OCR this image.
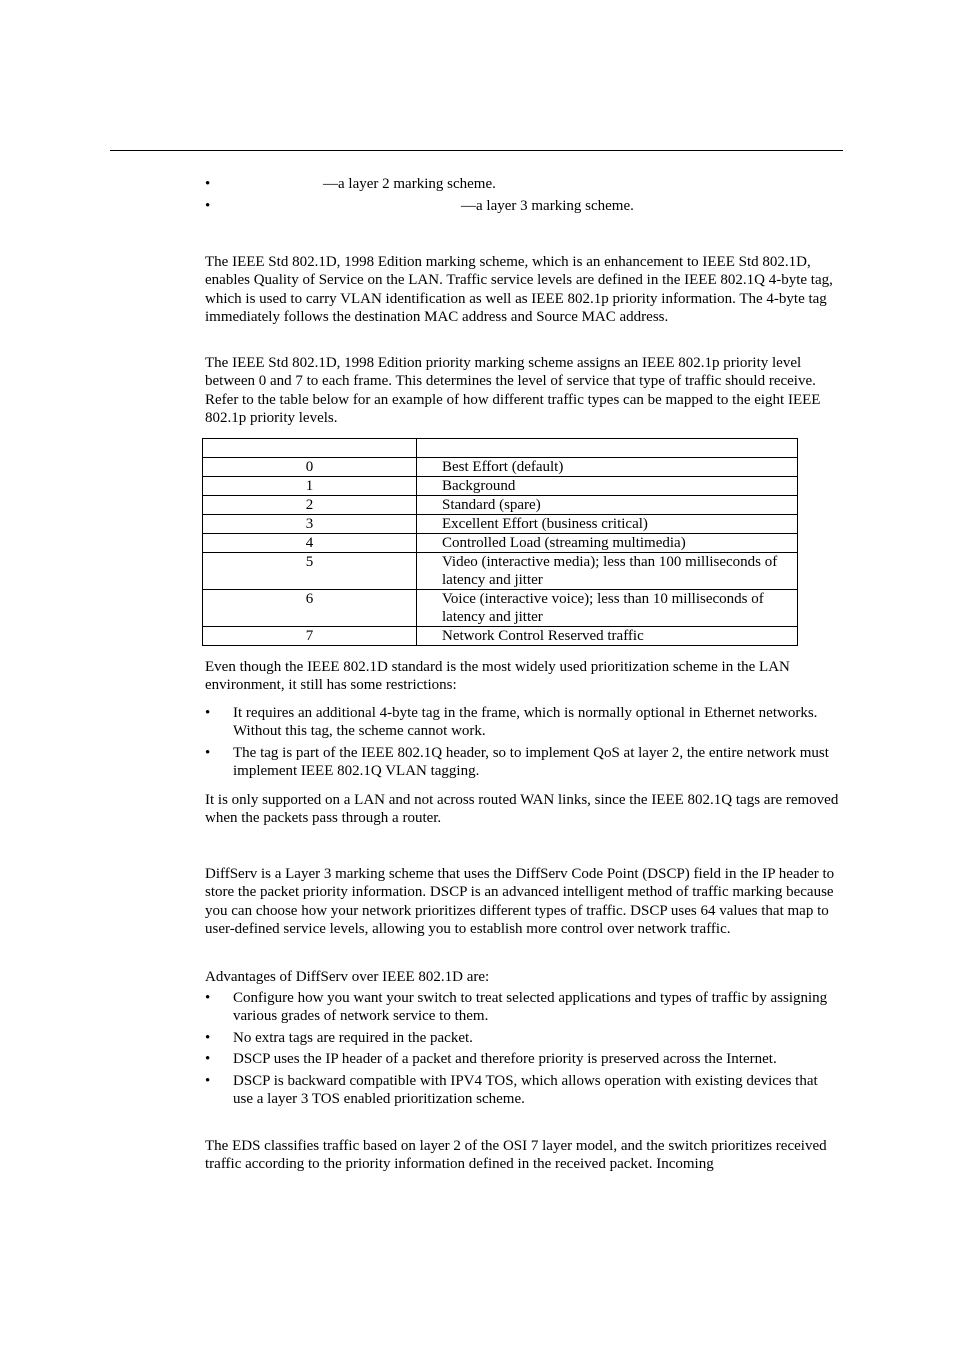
•	—a layer 2 marking scheme.
•	—a layer 3 marking scheme.

The IEEE Std 802.1D, 1998 Edition marking scheme, which is an enhancement to IEEE Std 802.1D, enables Quality of Service on the LAN. Traffic service levels are defined in the IEEE 802.1Q 4-byte tag, which is used to carry VLAN identification as well as IEEE 802.1p priority information. The 4-byte tag immediately follows the destination MAC address and Source MAC address.

The IEEE Std 802.1D, 1998 Edition priority marking scheme assigns an IEEE 802.1p priority level between 0 and 7 to each frame. This determines the level of service that type of traffic should receive. Refer to the table below for an example of how different traffic types can be mapped to the eight IEEE 802.1p priority levels.

0	Best Effort (default)
1	Background
2	Standard (spare)
3	Excellent Effort (business critical)
4	Controlled Load (streaming multimedia)
5	Video (interactive media); less than 100 milliseconds of latency and jitter
6	Voice (interactive voice); less than 10 milliseconds of latency and jitter
7	Network Control Reserved traffic

Even though the IEEE 802.1D standard is the most widely used prioritization scheme in the LAN environment, it still has some restrictions:

• It requires an additional 4-byte tag in the frame, which is normally optional in Ethernet networks. Without this tag, the scheme cannot work.
• The tag is part of the IEEE 802.1Q header, so to implement QoS at layer 2, the entire network must implement IEEE 802.1Q VLAN tagging.

It is only supported on a LAN and not across routed WAN links, since the IEEE 802.1Q tags are removed when the packets pass through a router.

DiffServ is a Layer 3 marking scheme that uses the DiffServ Code Point (DSCP) field in the IP header to store the packet priority information. DSCP is an advanced intelligent method of traffic marking because you can choose how your network prioritizes different types of traffic. DSCP uses 64 values that map to user-defined service levels, allowing you to establish more control over network traffic.

Advantages of DiffServ over IEEE 802.1D are:

• Configure how you want your switch to treat selected applications and types of traffic by assigning various grades of network service to them.
• No extra tags are required in the packet.
• DSCP uses the IP header of a packet and therefore priority is preserved across the Internet.
• DSCP is backward compatible with IPV4 TOS, which allows operation with existing devices that use a layer 3 TOS enabled prioritization scheme.

The EDS classifies traffic based on layer 2 of the OSI 7 layer model, and the switch prioritizes received traffic according to the priority information defined in the received packet. Incoming
